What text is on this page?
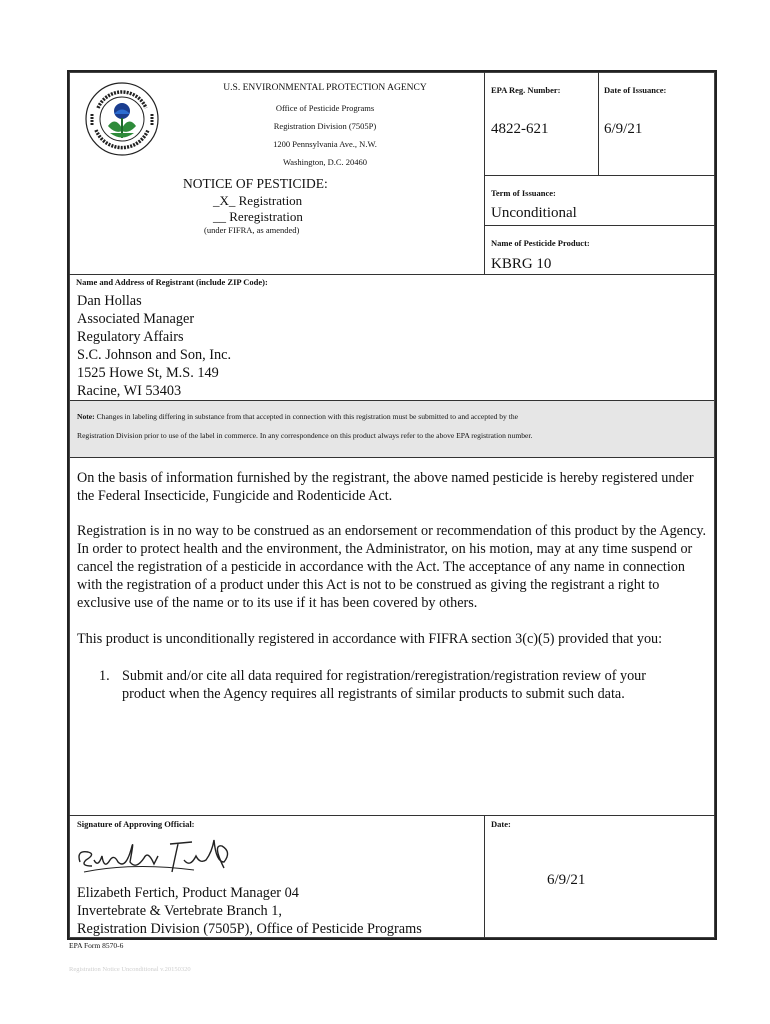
U.S. ENVIRONMENTAL PROTECTION AGENCY
Office of Pesticide Programs
Registration Division (7505P)
1200 Pennsylvania Ave., N.W.
Washington, D.C. 20460
NOTICE OF PESTICIDE:
_X_ Registration
__ Reregistration
(under FIFRA, as amended)
EPA Reg. Number:
4822-621
Date of Issuance:
6/9/21
Term of Issuance:
Unconditional
Name of Pesticide Product:
KBRG 10
Name and Address of Registrant (include ZIP Code):
Dan Hollas
Associated Manager
Regulatory Affairs
S.C. Johnson and Son, Inc.
1525 Howe St, M.S. 149
Racine, WI 53403
Note: Changes in labeling differing in substance from that accepted in connection with this registration must be submitted to and accepted by the
Registration Division prior to use of the label in commerce. In any correspondence on this product always refer to the above EPA registration number.
On the basis of information furnished by the registrant, the above named pesticide is hereby registered under the Federal Insecticide, Fungicide and Rodenticide Act.
Registration is in no way to be construed as an endorsement or recommendation of this product by the Agency. In order to protect health and the environment, the Administrator, on his motion, may at any time suspend or cancel the registration of a pesticide in accordance with the Act. The acceptance of any name in connection with the registration of a product under this Act is not to be construed as giving the registrant a right to exclusive use of the name or to its use if it has been covered by others.
This product is unconditionally registered in accordance with FIFRA section 3(c)(5) provided that you:
1. Submit and/or cite all data required for registration/reregistration/registration review of your product when the Agency requires all registrants of similar products to submit such data.
Signature of Approving Official:	Date:
Elizabeth Fertich, Product Manager 04
Invertebrate & Vertebrate Branch 1,
Registration Division (7505P), Office of Pesticide Programs
6/9/21
EPA Form 8570-6
Registration Notice Unconditional v.20150320
